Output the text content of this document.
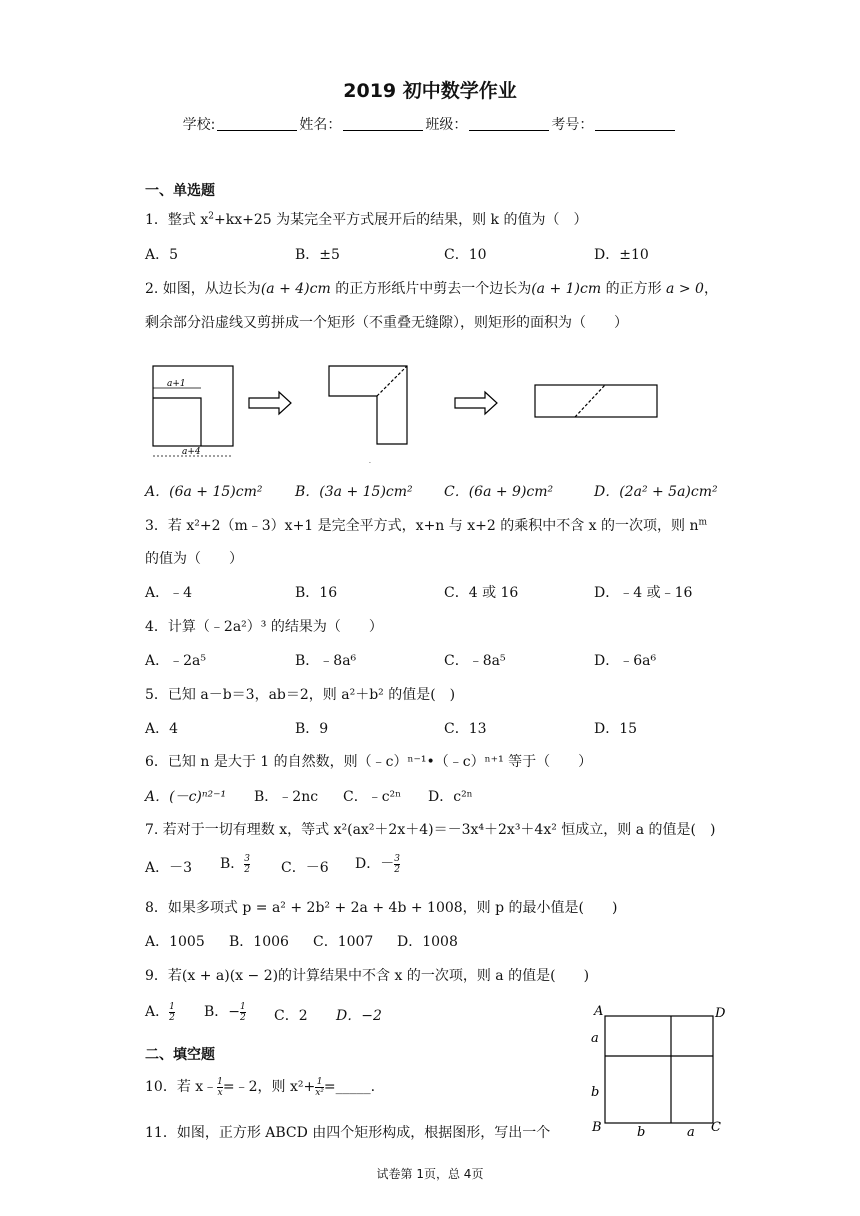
2019 初中数学作业
学校:	姓名：	班级：	考号：
一、单选题
1．整式 $x^2+kx+25$ 为某完全平方式展开后的结果，则 k 的值为（　）
A．5	B．±5	C．10	D．±10
2. 如图，从边长为(a + 4)cm 的正方形纸片中剪去一个边长为(a + 1)cm 的正方形 a > 0，
剩余部分沿虚线又剪拼成一个矩形（不重叠无缝隙），则矩形的面积为（　　）
a+1
a+4
.
A．(6a + 15)cm² B．(3a + 15)cm² C．(6a + 9)cm²	D．(2a² + 5a)cm²
3．若 x²+2（m﹣3）x+1 是完全平方式，x+n 与 x+2 的乘积中不含 x 的一次项，则 $n^m$
的值为（　　）
A．﹣4	B．16	C．4 或 16	D．﹣4 或﹣16
4．计算（﹣2a²）³ 的结果为（　　）
A．﹣2a⁵	B．﹣8a⁶	C．﹣8a⁵	D．﹣6a⁶
5．已知 a－b＝3，ab＝2，则 a²＋b² 的值是(　)
A．4	B．9	C．13	D．15
6．已知 n 是大于 1 的自然数，则（﹣c）ⁿ⁻¹•（﹣c）ⁿ⁺¹ 等于（　　）
A．(－c)ⁿ²⁻¹ B．﹣2nc C．﹣c²ⁿ D．c²ⁿ
7. 若对于一切有理数 x，等式 x²(ax²＋2x＋4)＝－3x⁴＋2x³＋4x² 恒成立，则 a 的值是(　)
A．－3 B． $\frac{3}{2}$ C．－6 D．－ $\frac{3}{2}$
8．如果多项式 p = a² + 2b² + 2a + 4b + 1008，则 p 的最小值是(　　)
A．1005 B．1006 C．1007 D．1008
9．若(x + a)(x − 2)的计算结果中不含 x 的一次项，则 a 的值是(　　)
A． $\frac{1}{2}$ B．− $\frac{1}{2}$ C．2 D．−2
二、填空题
10．若 x﹣ $\frac{1}{x}$ =﹣2，则 $x^2+ \frac{1}{\text{x²}}$ =_____.
11．如图，正方形 ABCD 由四个矩形构成，根据图形，写出一个
A	D
B	C
a
b
b	a
试卷第 1页，总 4页
